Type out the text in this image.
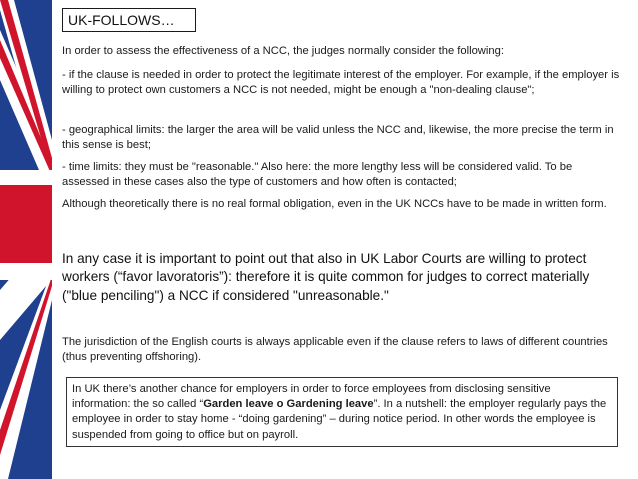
UK-FOLLOWS…

In order to assess the effectiveness of a NCC, the judges normally consider the following:

- if the clause is needed in order to protect the legitimate interest of the employer. For example, if the employer is willing to protect own customers a NCC is not needed, might be enough a "non-dealing clause";

- geographical limits: the larger the area will be valid unless the NCC and, likewise, the more precise the term in this sense is best;

- time limits: they must be "reasonable." Also here: the more lengthy less will be considered valid. To be assessed in these cases also the type of customers and how often is contacted;

Although theoretically there is no real formal obligation, even in the UK NCCs have to be made in written form.

In any case it is important to point out that also in UK Labor Courts are willing to protect workers (“favor lavoratoris”): therefore it is quite common for judges to correct materially ("blue penciling") a NCC if considered "unreasonable."

The jurisdiction of the English courts is always applicable even if the clause refers to laws of different countries (thus preventing offshoring).

In UK there’s another chance for employers in order to force employees from disclosing sensitive information: the so called “Garden leave o Gardening leave”. In a nutshell: the employer regularly pays the employee in order to stay home - “doing gardening” – during notice period. In other words the employee is suspended from going to office but on payroll.
